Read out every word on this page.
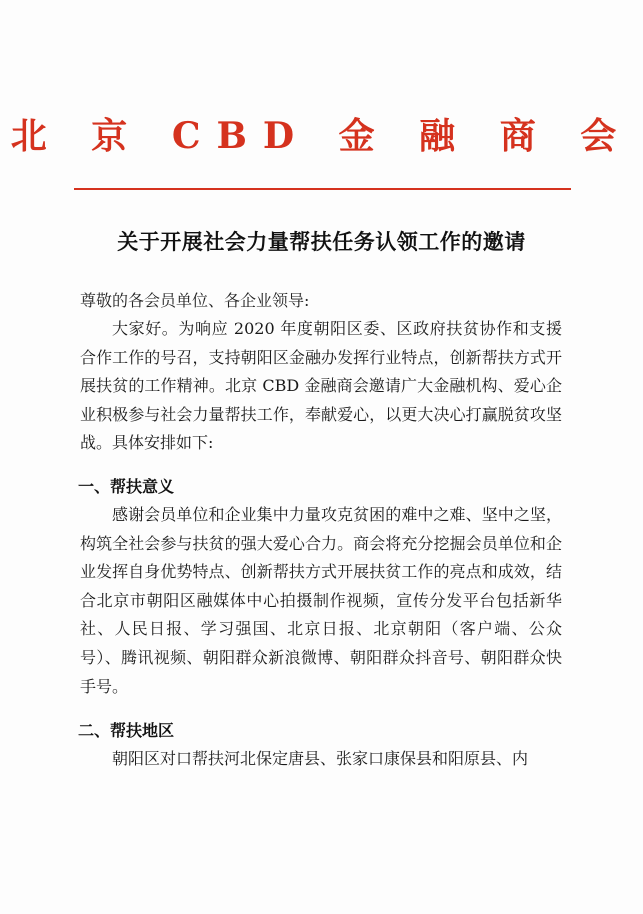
北 京 CBD 金 融 商 会
关于开展社会力量帮扶任务认领工作的邀请
尊敬的各会员单位、各企业领导:

大家好。为响应 2020 年度朝阳区委、区政府扶贫协作和支援合作工作的号召，支持朝阳区金融办发挥行业特点，创新帮扶方式开展扶贫的工作精神。北京 CBD 金融商会邀请广大金融机构、爱心企业积极参与社会力量帮扶工作，奉献爱心，以更大决心打赢脱贫攻坚战。具体安排如下:

一、帮扶意义

感谢会员单位和企业集中力量攻克贫困的难中之难、坚中之坚，构筑全社会参与扶贫的强大爱心合力。商会将充分挖掘会员单位和企业发挥自身优势特点、创新帮扶方式开展扶贫工作的亮点和成效，结合北京市朝阳区融媒体中心拍摄制作视频，宣传分发平台包括新华社、人民日报、学习强国、北京日报、北京朝阳（客户端、公众号）、腾讯视频、朝阳群众新浪微博、朝阳群众抖音号、朝阳群众快手号。

二、帮扶地区

朝阳区对口帮扶河北保定唐县、张家口康保县和阳原县、内
